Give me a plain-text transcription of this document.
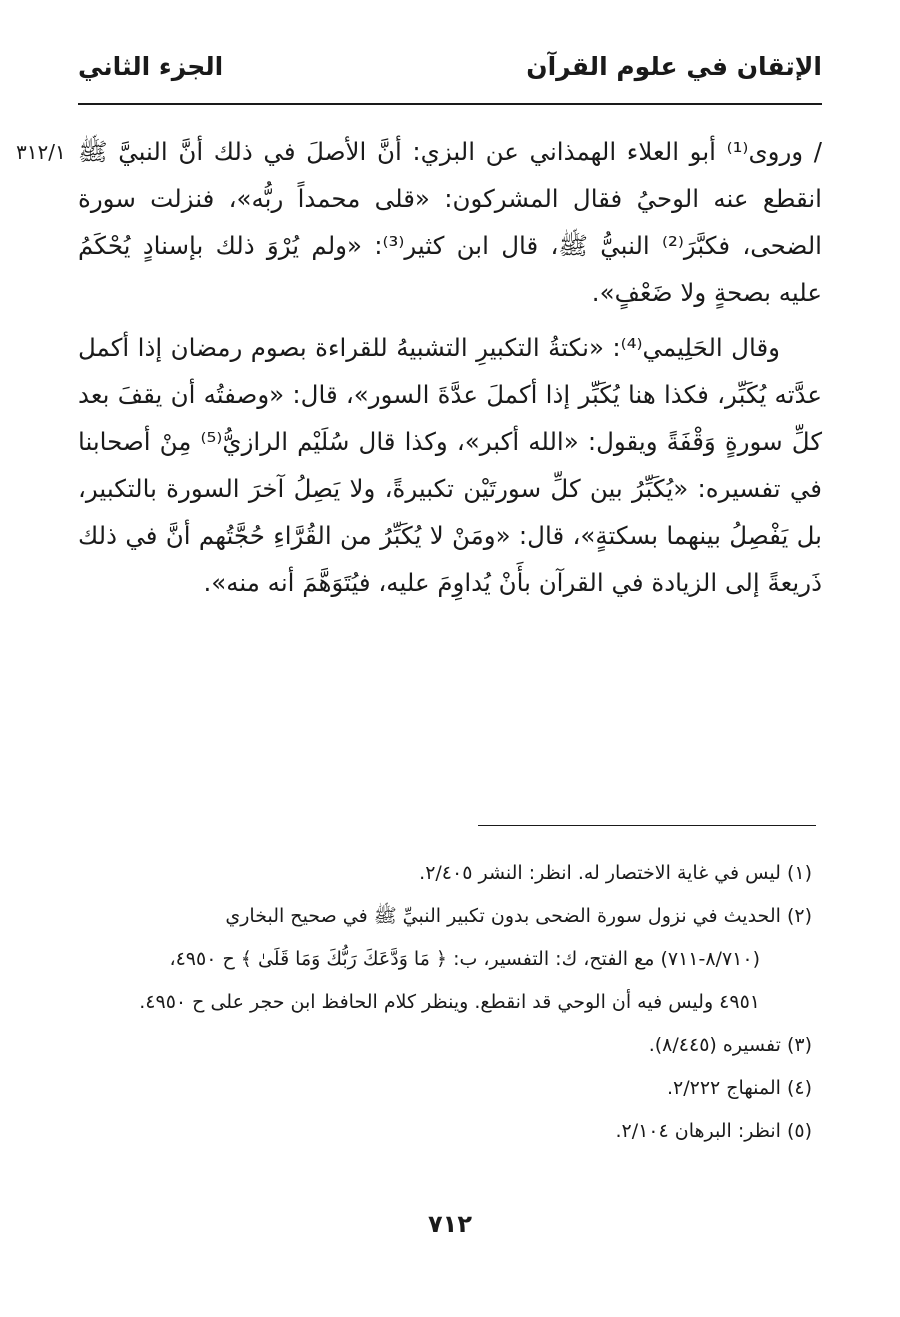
الإتقان في علوم القرآن
الجزء الثاني
٣١٢/١ / وروى⁽¹⁾ أبو العلاء الهمذاني عن البزي: أنَّ الأصلَ في ذلك أنَّ النبيَّ ﷺ انقطع عنه الوحيُ فقال المشركون: «قلى محمداً ربُّه»، فنزلت سورة الضحى، فكبَّرَ⁽²⁾ النبيُّ ﷺ، قال ابن كثير⁽³⁾: «ولم يُرْوَ ذلك بإسنادٍ يُحْكَمُ عليه بصحةٍ ولا ضَعْفٍ».

وقال الحَلِيمي⁽⁴⁾: «نكتةُ التكبيرِ التشبيهُ للقراءة بصوم رمضان إذا أكمل عدَّته يُكَبِّر، فكذا هنا يُكَبِّر إذا أكملَ عدَّةَ السور»، قال: «وصفتُه أن يقفَ بعد كلِّ سورةٍ وَقْفَةً ويقول: «الله أكبر»، وكذا قال سُلَيْم الرازيُّ⁽⁵⁾ مِنْ أصحابنا في تفسيره: «يُكَبِّرُ بين كلِّ سورتَيْن تكبيرةً، ولا يَصِلُ آخرَ السورة بالتكبير، بل يَفْصِلُ بينهما بسكتةٍ»، قال: «ومَنْ لا يُكَبِّرُ من القُرَّاءِ حُجَّتُهم أنَّ في ذلك ذَريعةً إلى الزيادة في القرآن بأَنْ يُداوِمَ عليه، فيُتَوَهَّمَ أنه منه».

(١) ليس في غاية الاختصار له. انظر: النشر ٢/٤٠٥.

(٢) الحديث في نزول سورة الضحى بدون تكبير النبيِّ ﷺ في صحيح البخاري

(٨/٧١٠-٧١١) مع الفتح، ك: التفسير، ب: ﴿ مَا وَدَّعَكَ رَبُّكَ وَمَا قَلَىٰ ﴾ ح ٤٩٥٠،

٤٩٥١ وليس فيه أن الوحي قد انقطع. وينظر كلام الحافظ ابن حجر على ح ٤٩٥٠.

(٣) تفسيره (٨/٤٤٥).

(٤) المنهاج ٢/٢٢٢.

(٥) انظر: البرهان ٢/١٠٤.

٧١٢
